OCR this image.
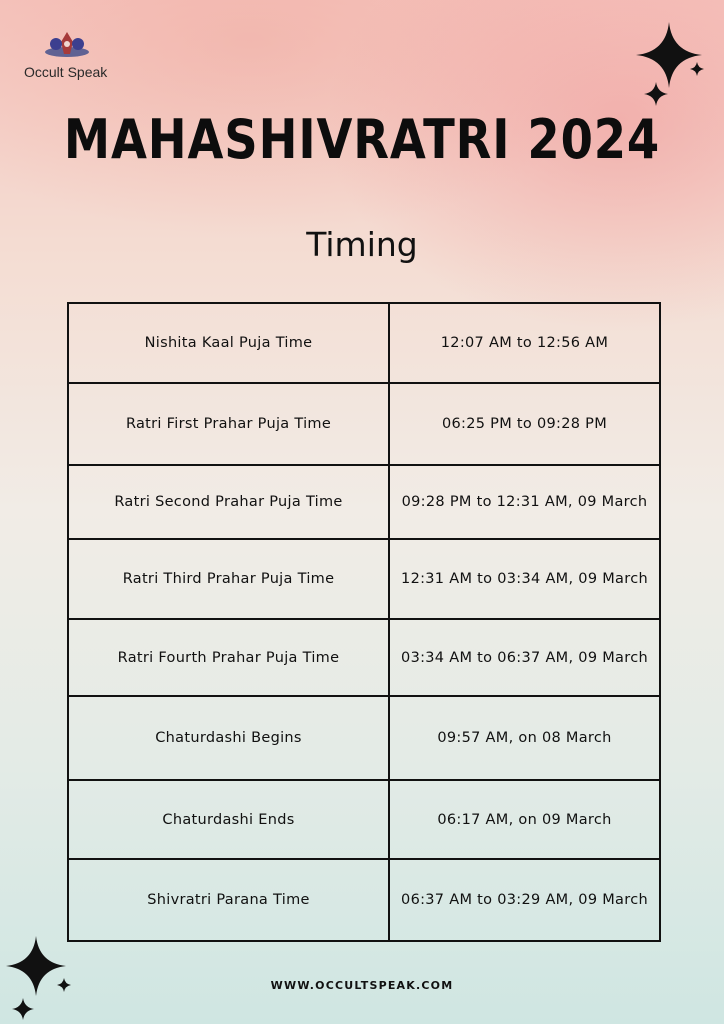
Occult Speak
MAHASHIVRATRI 2024
Timing
Nishita Kaal Puja Time	12:07 AM to 12:56 AM
Ratri First Prahar Puja Time	06:25 PM to 09:28 PM
Ratri Second Prahar Puja Time	09:28 PM to 12:31 AM, 09 March
Ratri Third Prahar Puja Time	12:31 AM to 03:34 AM, 09 March
Ratri Fourth Prahar Puja Time	03:34 AM to 06:37 AM, 09 March
Chaturdashi Begins	09:57 AM, on 08 March
Chaturdashi Ends	06:17 AM, on 09 March
Shivratri Parana Time	06:37 AM to 03:29 AM, 09 March
WWW.OCCULTSPEAK.COM
